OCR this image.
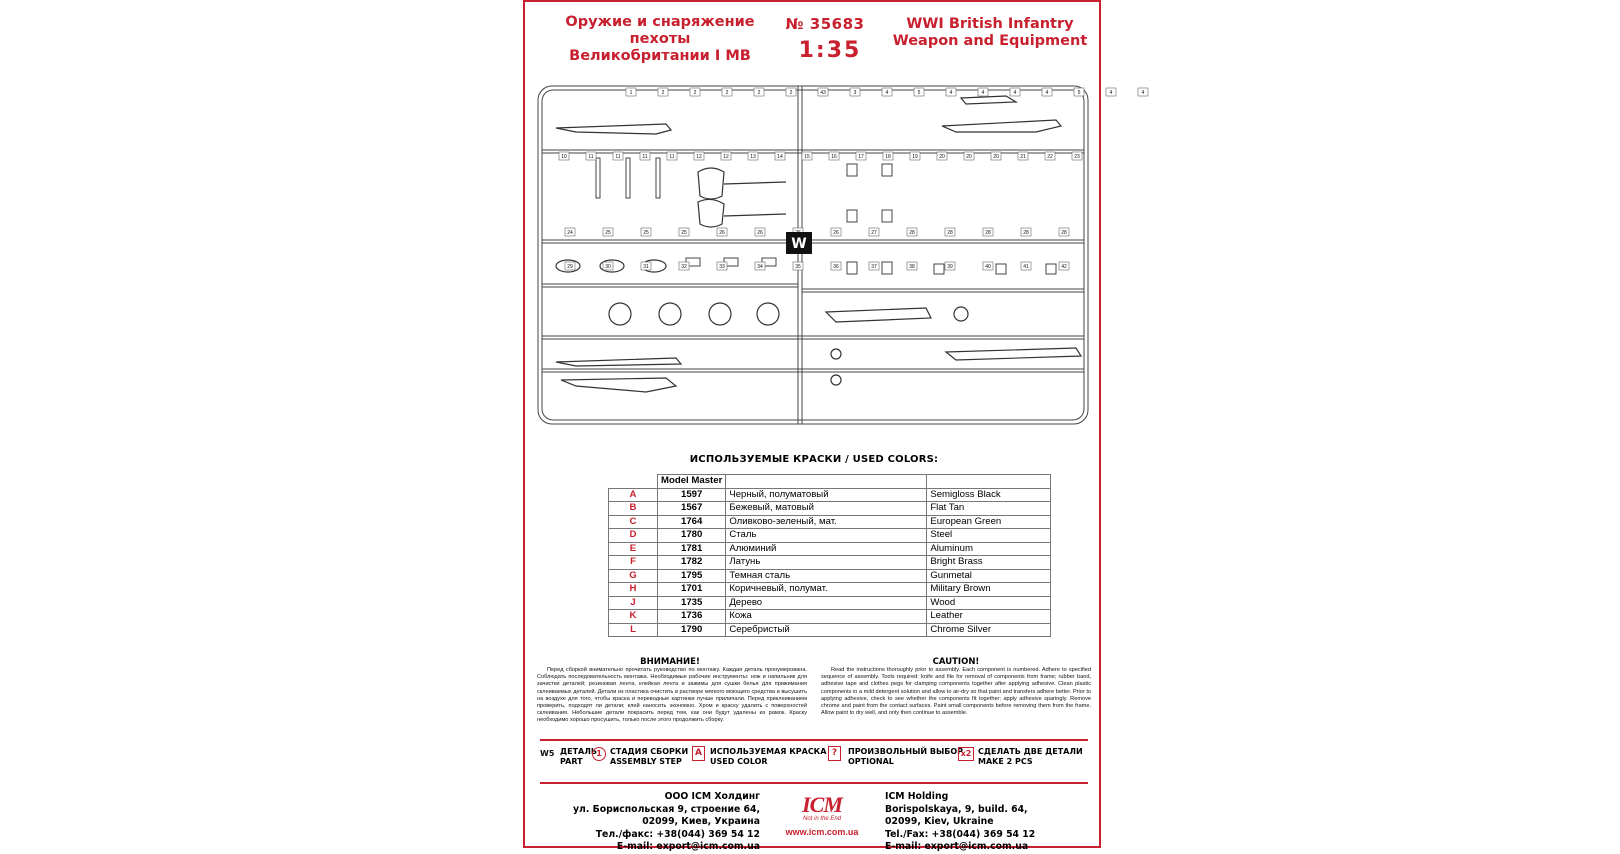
Оружие и снаряжение пехоты
Великобритании I MB
№ 35683
1:35
WWI British Infantry
Weapon and Equipment
1	2	2	2	2	2	43	3	4	5	4	4	4	4	5	4	4
10	11	11	11	11	12	12	13	14	15	16	17	18	19	20	20	20	21	22	23
24	25	25	25	26	26	26	27	28	28	28	28	28
29	30	31	32	33	34	35	36	37	38	39	40	41	42
W
ИСПОЛЬЗУЕМЫЕ КРАСКИ / USED COLORS:
	Model Master		
A	1597	Черный, полуматовый	Semigloss Black
B	1567	Бежевый, матовый	Flat Tan
C	1764	Оливково-зеленый, мат.	European Green
D	1780	Сталь	Steel
E	1781	Алюминий	Aluminum
F	1782	Латунь	Bright Brass
G	1795	Темная сталь	Gunmetal
H	1701	Коричневый, полумат.	Military Brown
J	1735	Дерево	Wood
K	1736	Кожа	Leather
L	1790	Серебристый	Chrome Silver
ВНИМАНИЕ!
Перед сборкой внимательно прочитать руководство по монтажу. Каждая деталь пронумерована. Соблюдать последовательность монтажа. Необходимые рабочие инструменты: нож и напильник для зачистки деталей; резиновая лента, клейкая лента и зажимы для сушки белья для прижимания склеиваемых деталей. Детали из пластика очистить в растворе мягкого моющего средства и высушить на воздухе для того, чтобы краска и переводные картинки лучше прилипали. Перед приклеиванием проверить, подходят ли детали; клей наносить экономно. Хром и краску удалить с поверхностей склеивания. Небольшие детали покрасить перед тем, как они будут удалены из рамок. Краску необходимо хорошо просушить, только после этого продолжить сборку.
CAUTION!
Read the instructions thoroughly prior to assembly. Each component is numbered. Adhere to specified sequence of assembly. Tools required: knife and file for removal of components from frame; rubber band, adhesive tape and clothes pegs for clamping components together after applying adhesive. Clean plastic components in a mild detergent solution and allow to air-dry so that paint and transfers adhere better. Prior to applying adhesive, check to see whether the components fit together; apply adhesive sparingly. Remove chrome and paint from the contact surfaces. Paint small components before removing them from the frame. Allow paint to dry well, and only then continue to assemble.
W5 ДЕТАЛЬ
PART
1	СТАДИЯ СБОРКИ
ASSEMBLY STEP
A	ИСПОЛЬЗУЕМАЯ КРАСКА
USED COLOR
?	ПРОИЗВОЛЬНЫЙ ВЫБОР
OPTIONAL
x2 СДЕЛАТЬ ДВЕ ДЕТАЛИ
MAKE 2 PCS
ООО ICM Холдинг
ул. Бориспольская 9, строение 64,
02099, Киев, Украина
Тел./факс: +38(044) 369 54 12
E-mail: export@icm.com.ua
ICM
Not in the End
www.icm.com.ua
ICM Holding
Borispolskaya, 9, build. 64,
02099, Kiev, Ukraine
Tel./Fax: +38(044) 369 54 12
E-mail: export@icm.com.ua
